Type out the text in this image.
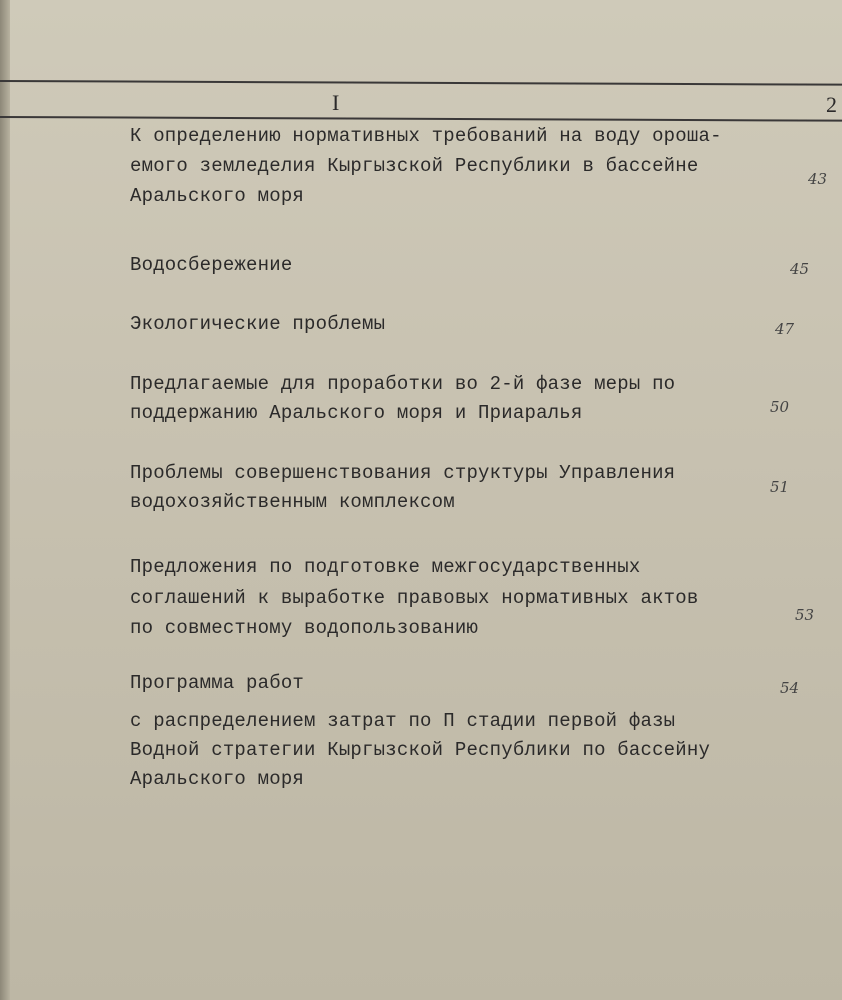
I	2
К определению нормативных требований на воду ороша-
емого земледелия Кыргызской Республики в бассейне
Аральского моря
43
Водосбережение	45
Экологические проблемы	47
Предлагаемые для проработки во 2-й фазе меры по
поддержанию Аральского моря и Приаралья	50
Проблемы совершенствования структуры Управления
водохозяйственным комплексом
51
Предложения по подготовке межгосударственных
соглашений к выработке правовых нормативных актов
по совместному водопользованию
53
Программа работ	54
с распределением затрат по П стадии первой фазы
Водной стратегии Кыргызской Республики по бассейну
Аральского моря
